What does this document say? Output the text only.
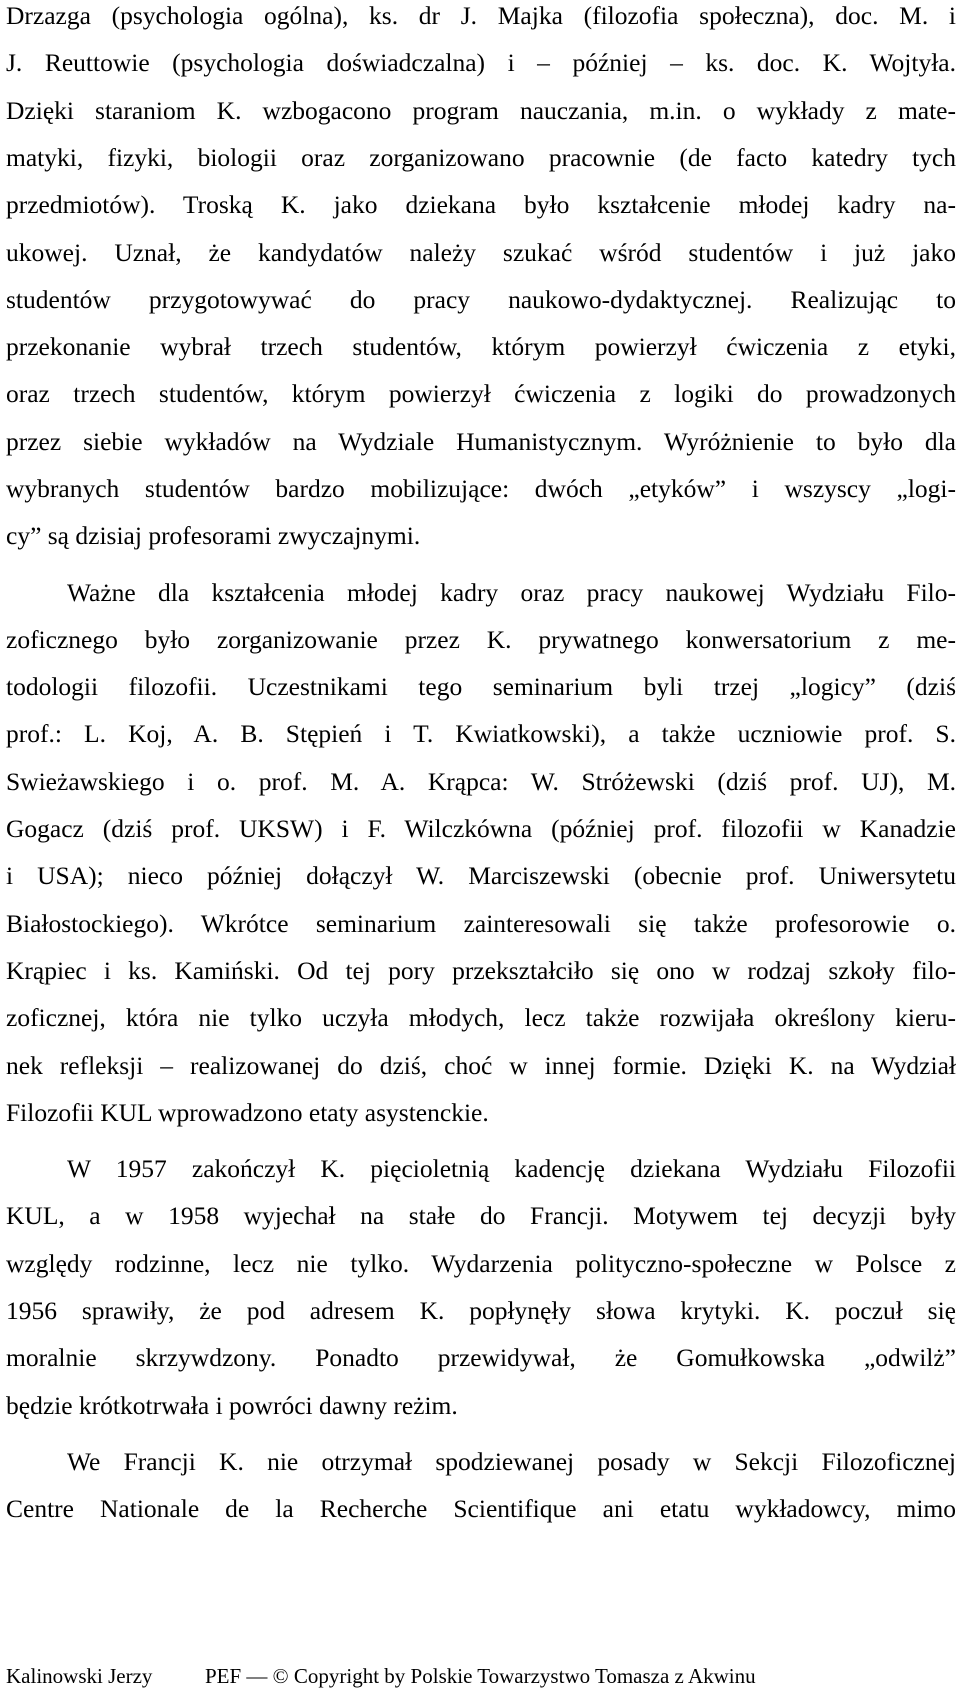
Drzazga (psychologia ogólna), ks. dr J. Majka (filozofia społeczna), doc. M. i
J. Reuttowie (psychologia doświadczalna) i – później – ks. doc. K. Wojtyła.
Dzięki staraniom K. wzbogacono program nauczania, m.in. o wykłady z mate-
matyki, fizyki, biologii oraz zorganizowano pracownie (de facto katedry tych
przedmiotów). Troską K. jako dziekana było kształcenie młodej kadry na-
ukowej. Uznał, że kandydatów należy szukać wśród studentów i już jako
studentów przygotowywać do pracy naukowo-dydaktycznej. Realizując to
przekonanie wybrał trzech studentów, którym powierzył ćwiczenia z etyki,
oraz trzech studentów, którym powierzył ćwiczenia z logiki do prowadzonych
przez siebie wykładów na Wydziale Humanistycznym. Wyróżnienie to było dla
wybranych studentów bardzo mobilizujące: dwóch „etyków” i wszyscy „logi-
cy” są dzisiaj profesorami zwyczajnymi.
Ważne dla kształcenia młodej kadry oraz pracy naukowej Wydziału Filo-
zoficznego było zorganizowanie przez K. prywatnego konwersatorium z me-
todologii filozofii. Uczestnikami tego seminarium byli trzej „logicy” (dziś
prof.: L. Koj, A. B. Stępień i T. Kwiatkowski), a także uczniowie prof. S.
Swieżawskiego i o. prof. M. A. Krąpca: W. Stróżewski (dziś prof. UJ), M.
Gogacz (dziś prof. UKSW) i F. Wilczkówna (później prof. filozofii w Kanadzie
i USA); nieco później dołączył W. Marciszewski (obecnie prof. Uniwersytetu
Białostockiego). Wkrótce seminarium zainteresowali się także profesorowie o.
Krąpiec i ks. Kamiński. Od tej pory przekształciło się ono w rodzaj szkoły filo-
zoficznej, która nie tylko uczyła młodych, lecz także rozwijała określony kieru-
nek refleksji – realizowanej do dziś, choć w innej formie. Dzięki K. na Wydział
Filozofii KUL wprowadzono etaty asystenckie.
W 1957 zakończył K. pięcioletnią kadencję dziekana Wydziału Filozofii
KUL, a w 1958 wyjechał na stałe do Francji. Motywem tej decyzji były
względy rodzinne, lecz nie tylko. Wydarzenia polityczno-społeczne w Polsce z
1956 sprawiły, że pod adresem K. popłynęły słowa krytyki. K. poczuł się
moralnie skrzywdzony. Ponadto przewidywał, że Gomułkowska „odwilż”
będzie krótkotrwała i powróci dawny reżim.
We Francji K. nie otrzymał spodziewanej posady w Sekcji Filozoficznej
Centre Nationale de la Recherche Scientifique ani etatu wykładowcy, mimo
Kalinowski Jerzy	PEF — © Copyright by Polskie Towarzystwo Tomasza z Akwinu
